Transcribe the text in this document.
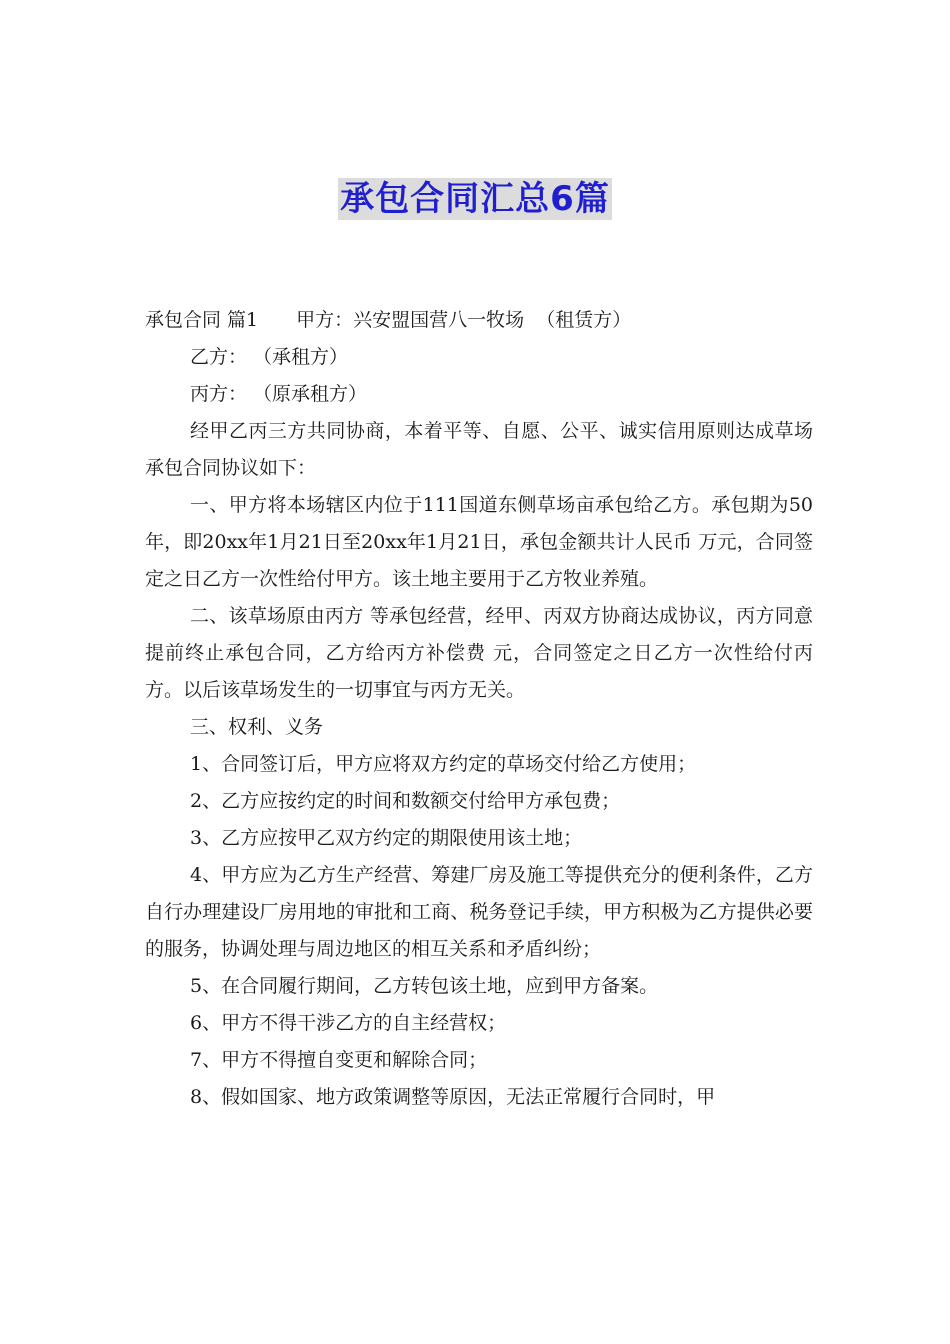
承包合同汇总6篇

承包合同 篇1　　甲方：兴安盟国营八一牧场  （租赁方）

乙方： （承租方）

丙方： （原承租方）

经甲乙丙三方共同协商，本着平等、自愿、公平、诚实信用原则达成草场承包合同协议如下：

一、甲方将本场辖区内位于111国道东侧草场亩承包给乙方。承包期为50 年，即20xx年1月21日至20xx年1月21日，承包金额共计人民币 万元，合同签定之日乙方一次性给付甲方。该土地主要用于乙方牧业养殖。

二、该草场原由丙方 等承包经营，经甲、丙双方协商达成协议，丙方同意提前终止承包合同，乙方给丙方补偿费 元，合同签定之日乙方一次性给付丙方。以后该草场发生的一切事宜与丙方无关。

三、权利、义务

1、合同签订后，甲方应将双方约定的草场交付给乙方使用；

2、乙方应按约定的时间和数额交付给甲方承包费；

3、乙方应按甲乙双方约定的期限使用该土地；

4、甲方应为乙方生产经营、筹建厂房及施工等提供充分的便利条件，乙方自行办理建设厂房用地的审批和工商、税务登记手续，甲方积极为乙方提供必要的服务，协调处理与周边地区的相互关系和矛盾纠纷；

5、在合同履行期间，乙方转包该土地，应到甲方备案。

6、甲方不得干涉乙方的自主经营权；

7、甲方不得擅自变更和解除合同；

8、假如国家、地方政策调整等原因，无法正常履行合同时，甲
